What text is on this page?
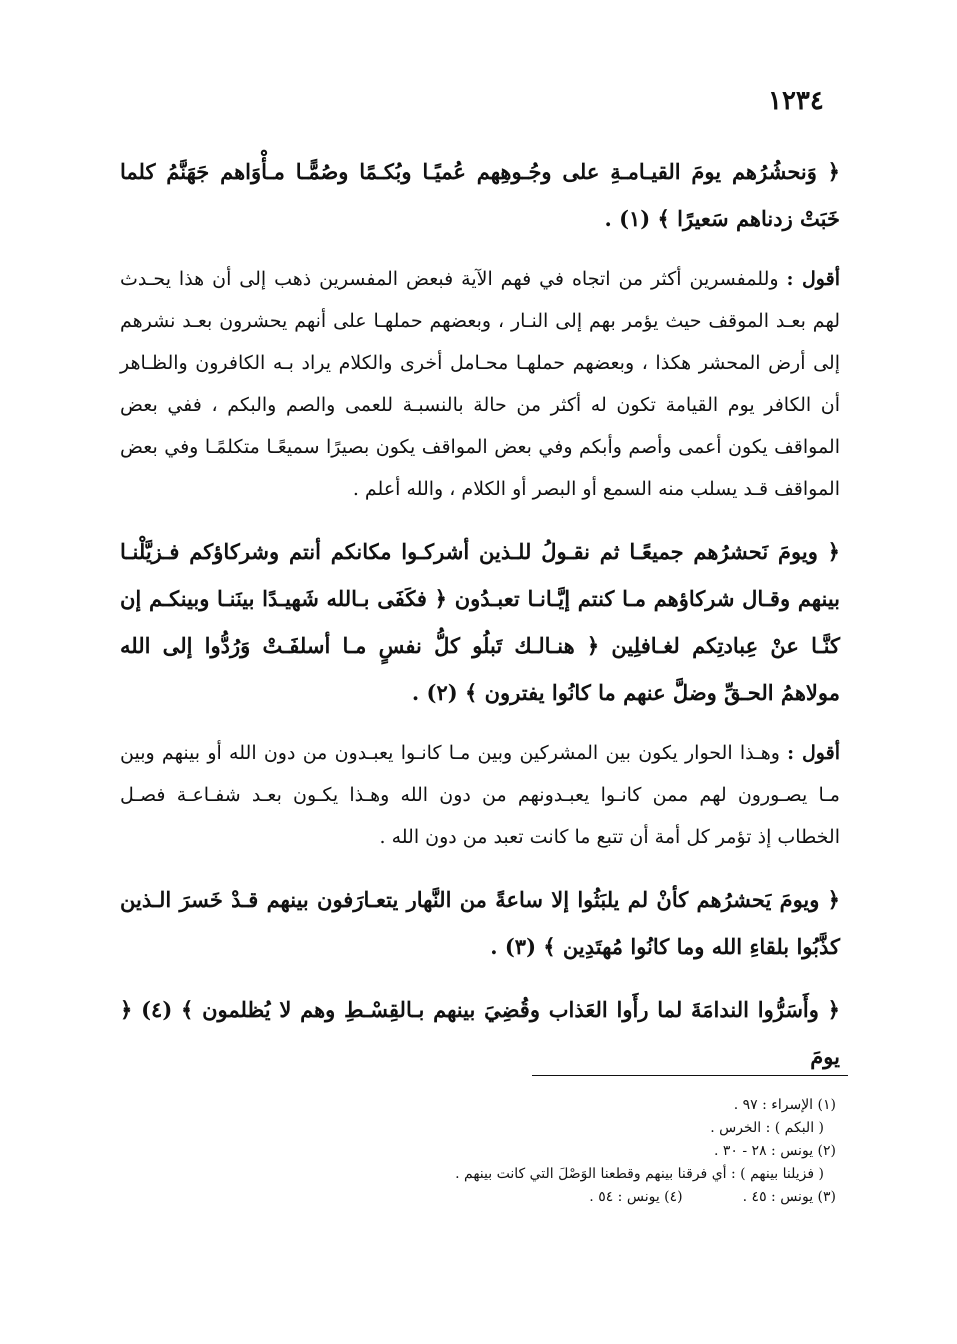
١٢٣٤

﴿ وَنحشُرُهم يومَ القيـامـةِ على وجُـوهِهم عُميًـا وبُكـمًا وصُمًّـا مـأْوَاهم جَهَنَّمُ كلما خَبَتْ زدناهم سَعيرًا ﴾ (١) .

أقول : وللمفسرين أكثر من اتجاه في فهم الآية فبعض المفسرين ذهب إلى أن هذا يحـدث لهم بعـد الموقف حيث يؤمر بهم إلى النـار ، وبعضهم حملهـا على أنهم يحشرون بعـد نشرهم إلى أرض المحشر هكذا ، وبعضهم حملهـا محـامل أخرى والكلام يراد بـه الكافرون والظـاهر أن الكافر يوم القيامة تكون له أكثر من حالة بالنسبـة للعمى والصم والبكم ، ففي بعض المواقف يكون أعمى وأصم وأبكم وفي بعض المواقف يكون بصيرًا سميعًـا متكلمًـا وفي بعض المواقف قـد يسلب منه السمع أو البصر أو الكلام ، والله أعلم .

﴿ ويومَ نَحشرُهم جميعًـا ثم نقـولُ للـذين أشركـوا مكانكم أنتم وشركاؤكم فـزيَّلْنـا بينهم وقـال شركاؤهم مـا كنتم إيَّـانـا تعبـدُون ﴿ فكَفَى بـالله شَهيـدًا بينَنـا وبينكـم إن كنَّـا عنْ عِبادتِكم لغـافلِين ﴿ هنـالـك تَبلُو كلُّ نفسٍ مـا أسلفَـتْ وَرُدُّوا إلى الله مولاهمُ الحـقِّ وضلَّ عنهم ما كانُوا يفترون ﴾ (٢) .

أقول : وهـذا الحوار يكون بين المشركين وبين مـا كانـوا يعبـدون من دون الله أو بينهم وبين مـا يصـورون لهم ممن كانـوا يعبـدونهم من دون الله وهـذا يكـون بعـد شفـاعـة فصـل الخطاب إذ تؤمر كل أمة أن تتبع ما كانت تعبد من دون الله .

﴿ ويومَ يَحشرُهم كأنْ لم يلبَثُوا إلا ساعةً من النَّهار يتعـارَفون بينهم قـدْ خَسرَ الـذين كذَّبُوا بلقاءِ الله وما كانُوا مُهتَدِين ﴾ (٣) .

﴿ وأَسَرُّوا الندامَةَ لما رأَوا العَذاب وقُضِيَ بينهم بـالقِسْـطِ وهم لا يُظلمون ﴾ (٤) ﴿ يومَ

(١) الإسراء : ٩٧ .
( البكم ) : الخرس .
(٢) يونس : ٢٨ - ٣٠ .
( فزيلنا بينهم ) : أي فرقنا بينهم وقطعنا الوَصْلَ التي كانت بينهم .
(٣) يونس : ٤٥ .
(٤) يونس : ٥٤ .
